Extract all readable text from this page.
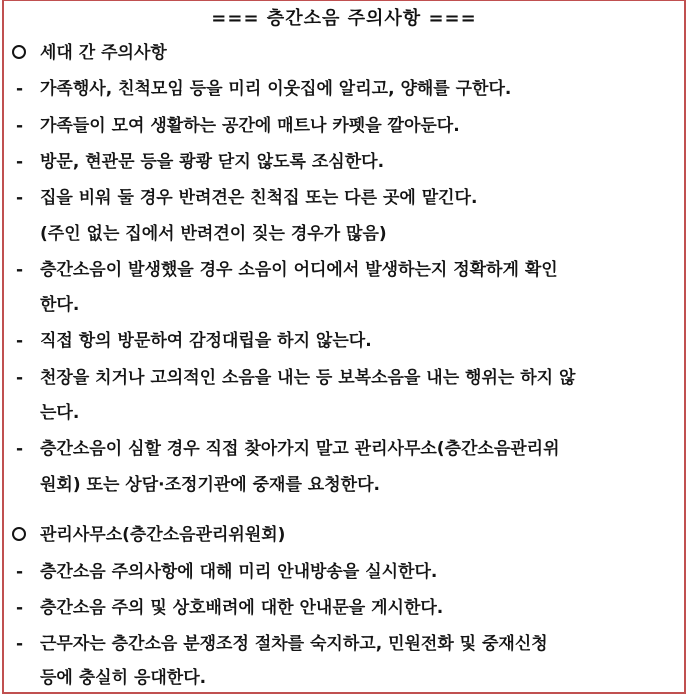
=== 층간소음 주의사항 ===
세대 간 주의사항
- 가족행사, 친척모임 등을 미리 이웃집에 알리고, 양해를 구한다.
- 가족들이 모여 생활하는 공간에 매트나 카펫을 깔아둔다.
- 방문, 현관문 등을 쾅쾅 닫지 않도록 조심한다.
- 집을 비워 둘 경우 반려견은 친척집 또는 다른 곳에 맡긴다.
(주인 없는 집에서 반려견이 짖는 경우가 많음)
- 층간소음이 발생했을 경우 소음이 어디에서 발생하는지 정확하게 확인
한다.
- 직접 항의 방문하여 감정대립을 하지 않는다.
- 천장을 치거나 고의적인 소음을 내는 등 보복소음을 내는 행위는 하지 않
는다.
- 층간소음이 심할 경우 직접 찾아가지 말고 관리사무소(층간소음관리위
원회) 또는 상담·조정기관에 중재를 요청한다.
관리사무소(층간소음관리위원회)
- 층간소음 주의사항에 대해 미리 안내방송을 실시한다.
- 층간소음 주의 및 상호배려에 대한 안내문을 게시한다.
- 근무자는 층간소음 분쟁조정 절차를 숙지하고, 민원전화 및 중재신청
등에 충실히 응대한다.
